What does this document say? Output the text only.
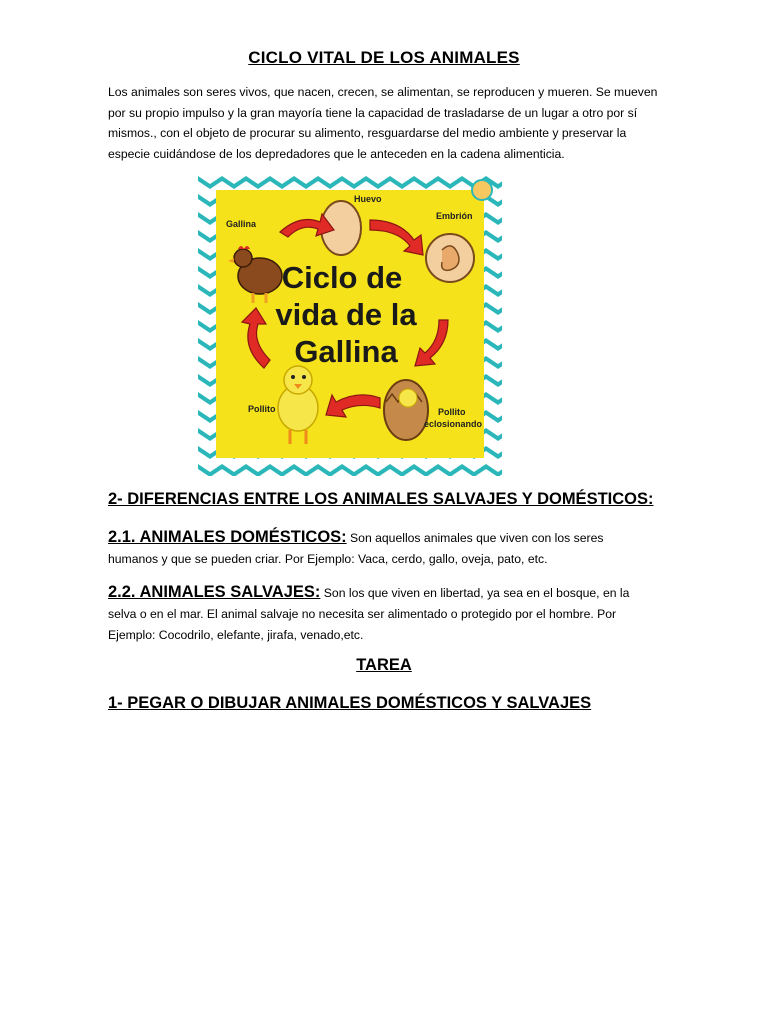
CICLO VITAL DE LOS ANIMALES
Los animales son seres vivos, que nacen, crecen, se alimentan, se reproducen y mueren. Se mueven por su propio impulso y la gran mayoría tiene la capacidad de trasladarse de un lugar a otro por sí mismos., con el objeto de procurar su alimento, resguardarse del medio ambiente y preservar la especie cuidándose de los depredadores que le anteceden en la cadena alimenticia.
Huevo
Embrión
Gallina
Pollito	Pollito
eclosionando
Ciclo de
vida de la
Gallina
2- DIFERENCIAS ENTRE LOS ANIMALES SALVAJES Y DOMÉSTICOS:
2.1. ANIMALES DOMÉSTICOS: Son aquellos animales que viven con los seres humanos y que se pueden criar. Por Ejemplo: Vaca, cerdo, gallo, oveja, pato, etc.
2.2. ANIMALES SALVAJES: Son los que viven en libertad, ya sea en el bosque, en la selva o en el mar. El animal salvaje no necesita ser alimentado o protegido por el hombre. Por Ejemplo: Cocodrilo, elefante, jirafa, venado,etc.
TAREA
1- PEGAR O DIBUJAR ANIMALES DOMÉSTICOS Y SALVAJES
